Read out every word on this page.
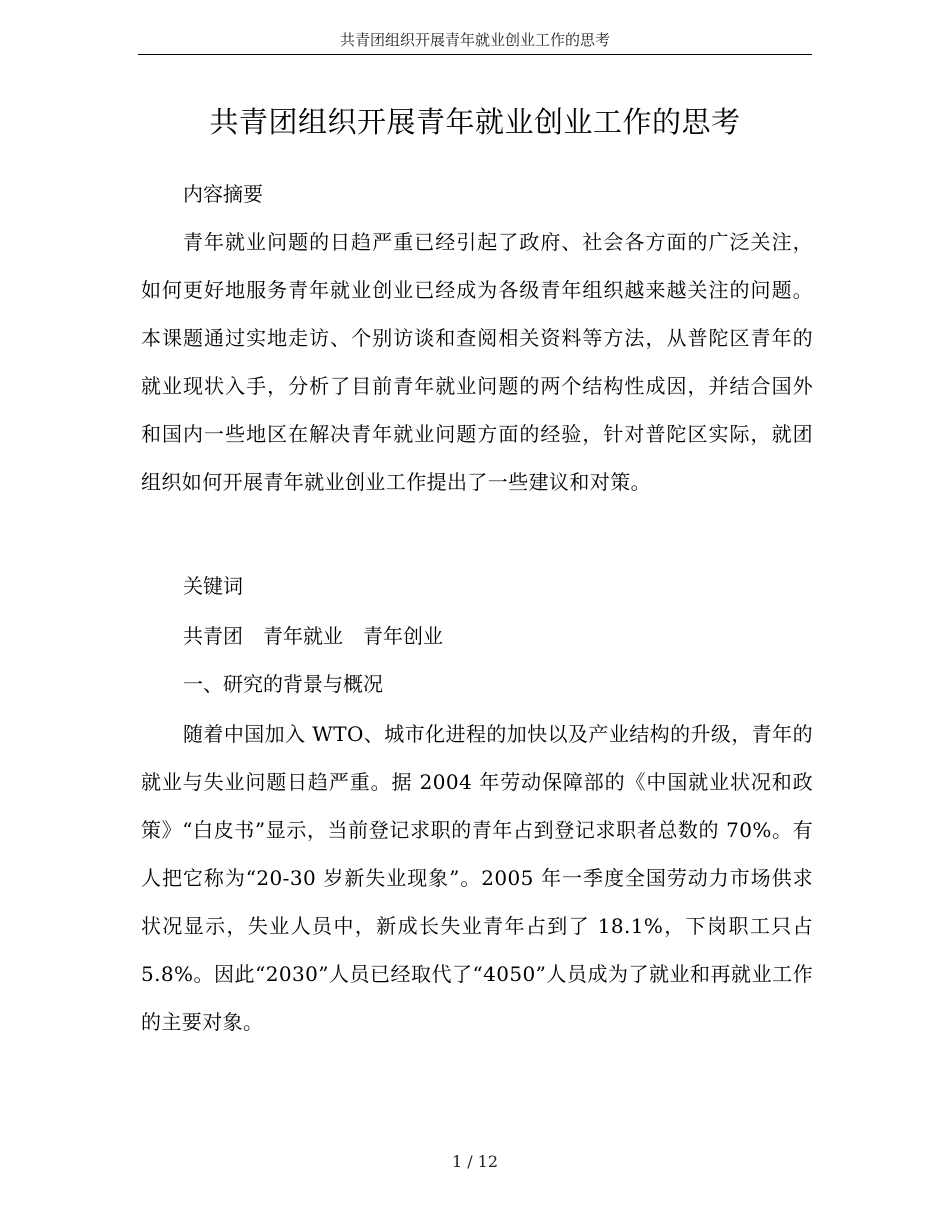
共青团组织开展青年就业创业工作的思考
共青团组织开展青年就业创业工作的思考

内容摘要

青年就业问题的日趋严重已经引起了政府、社会各方面的广泛关注，如何更好地服务青年就业创业已经成为各级青年组织越来越关注的问题。本课题通过实地走访、个别访谈和查阅相关资料等方法，从普陀区青年的就业现状入手，分析了目前青年就业问题的两个结构性成因，并结合国外和国内一些地区在解决青年就业问题方面的经验，针对普陀区实际，就团组织如何开展青年就业创业工作提出了一些建议和对策。

关键词

共青团　青年就业　青年创业

一、研究的背景与概况

随着中国加入 WTO、城市化进程的加快以及产业结构的升级，青年的就业与失业问题日趋严重。据 2004 年劳动保障部的《中国就业状况和政策》“白皮书”显示，当前登记求职的青年占到登记求职者总数的 70%。有人把它称为“20-30 岁新失业现象”。2005 年一季度全国劳动力市场供求状况显示，失业人员中，新成长失业青年占到了 18.1%，下岗职工只占 5.8%。因此“2030”人员已经取代了“4050”人员成为了就业和再就业工作的主要对象。

1 / 12
